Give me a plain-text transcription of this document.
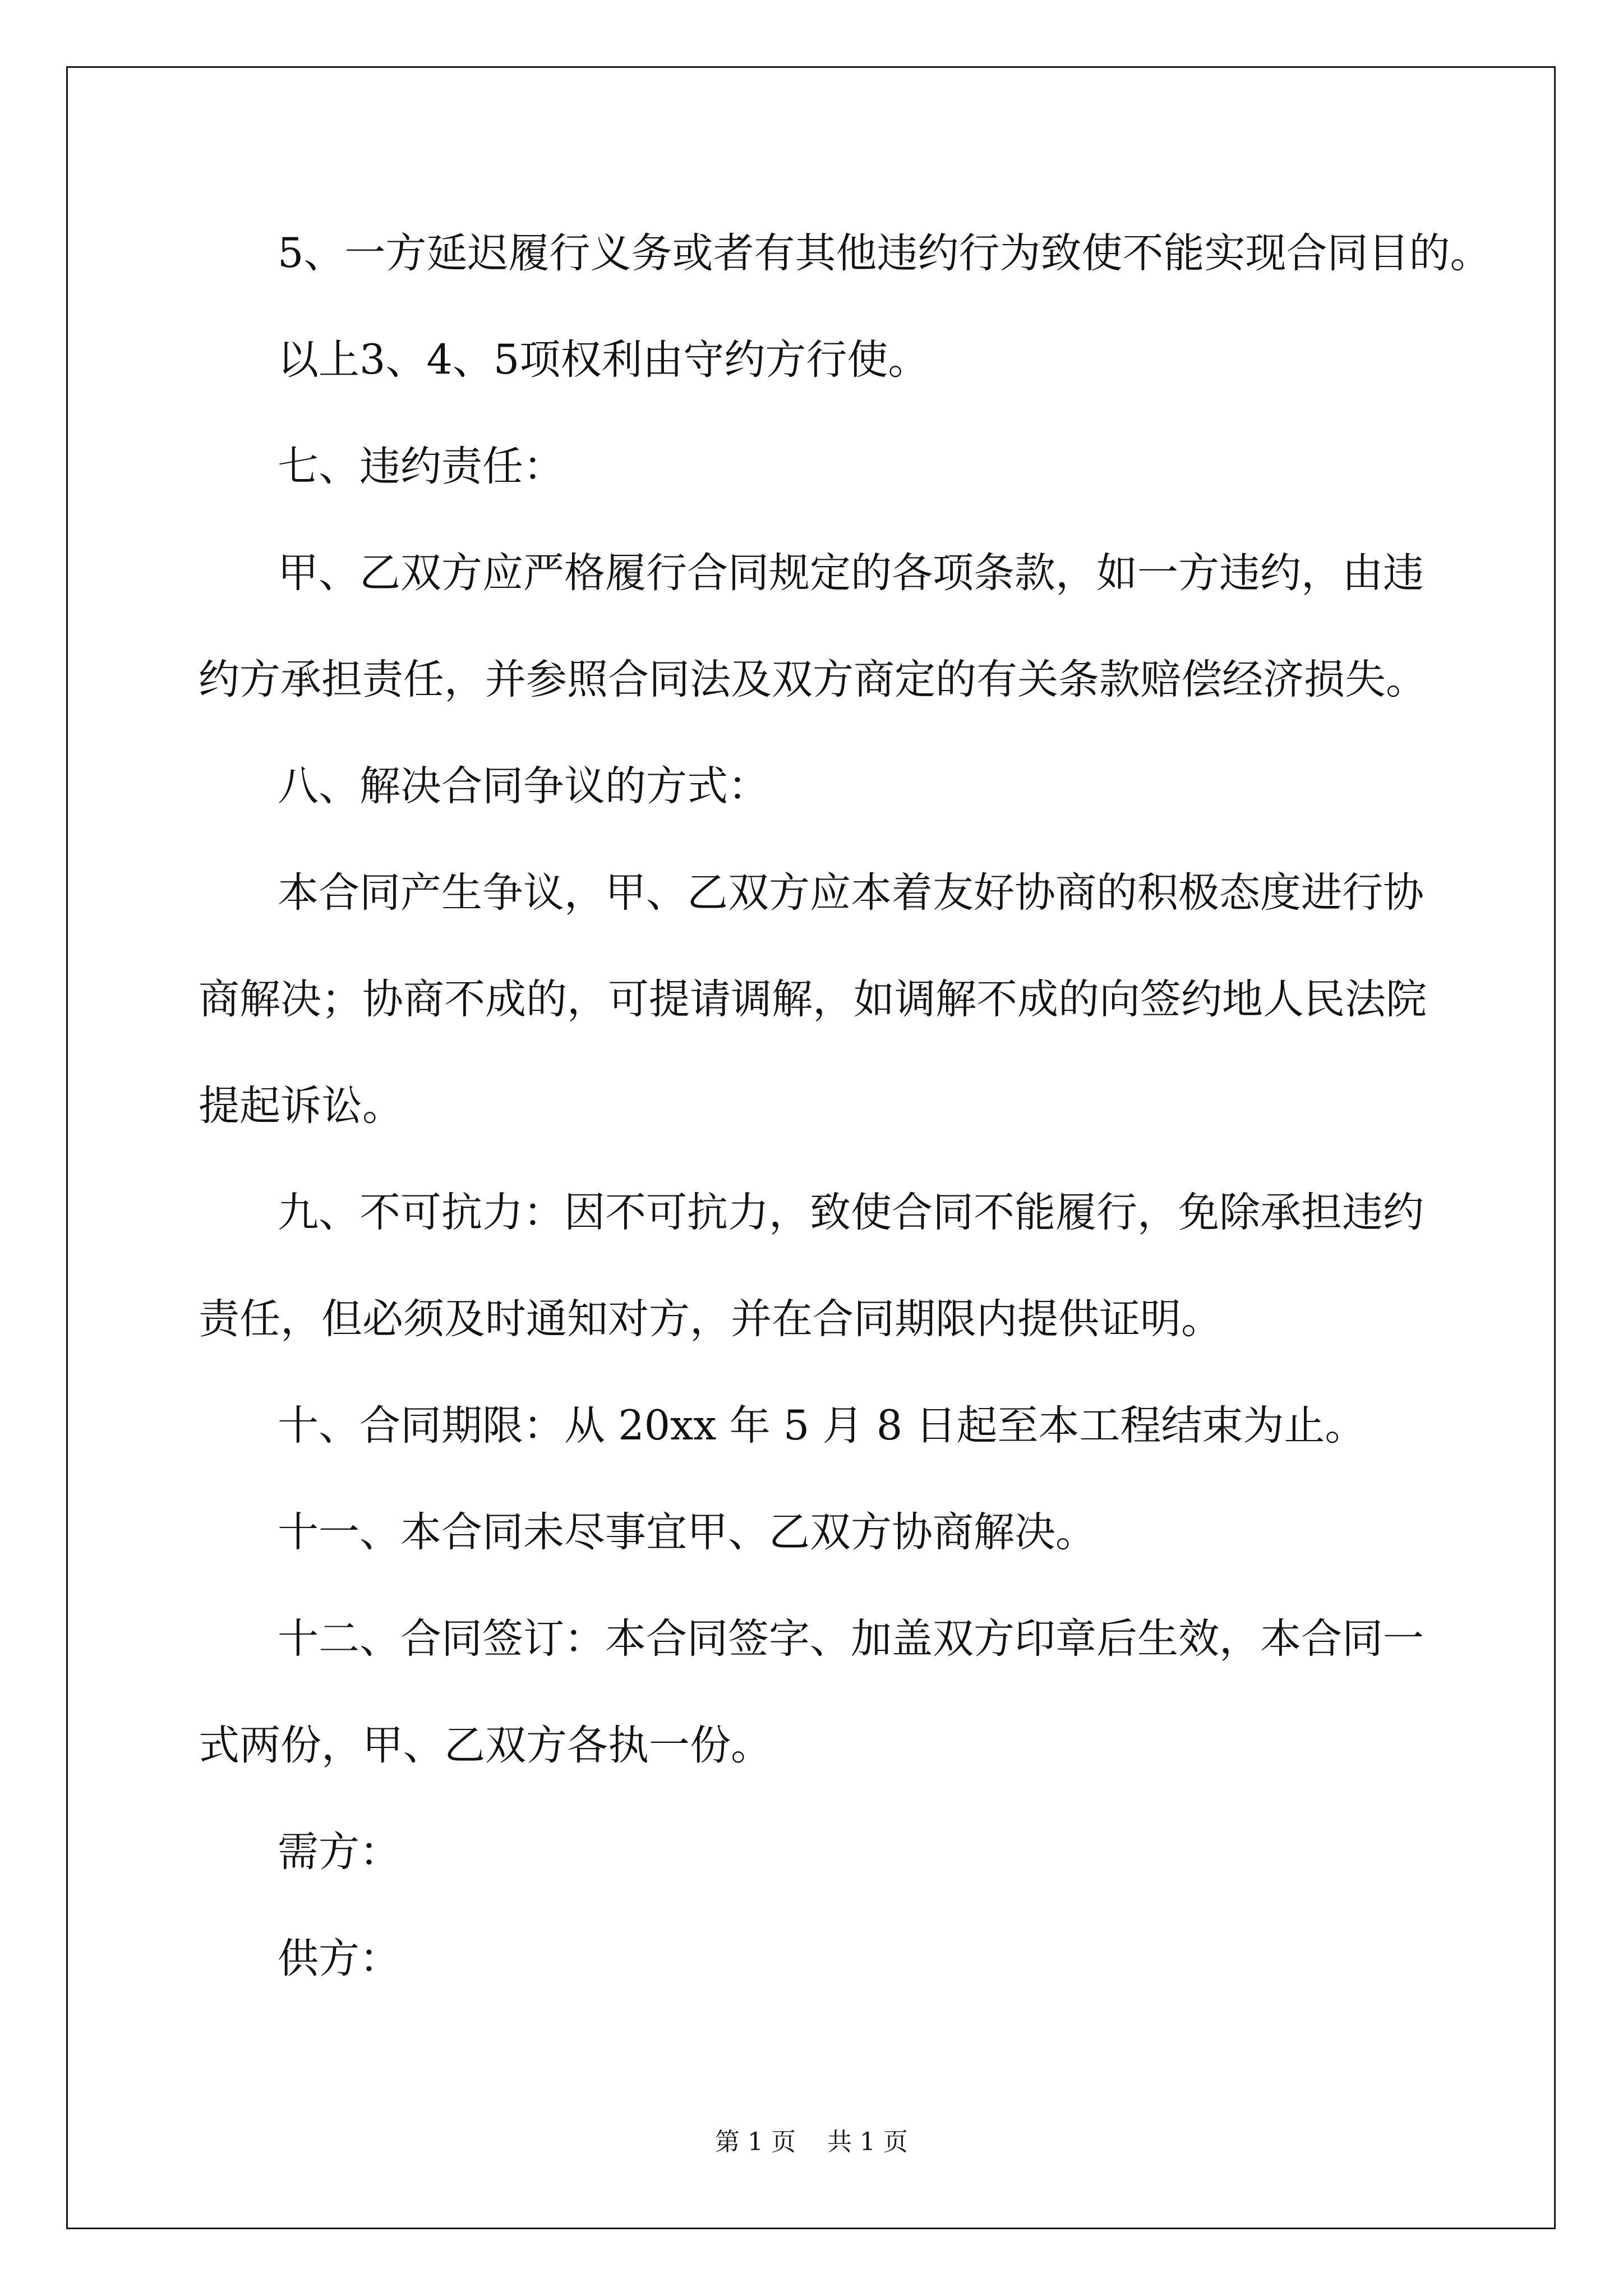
5、一方延迟履行义务或者有其他违约行为致使不能实现合同目的。

以上3、4、5项权利由守约方行使。

七、违约责任：

甲、乙双方应严格履行合同规定的各项条款，如一方违约，由违

约方承担责任，并参照合同法及双方商定的有关条款赔偿经济损失。

八、解决合同争议的方式：

本合同产生争议，甲、乙双方应本着友好协商的积极态度进行协

商解决；协商不成的，可提请调解，如调解不成的向签约地人民法院

提起诉讼。

九、不可抗力：因不可抗力，致使合同不能履行，免除承担违约

责任，但必须及时通知对方，并在合同期限内提供证明。

十、合同期限：从 20xx 年 5 月 8 日起至本工程结束为止。

十一、本合同未尽事宜甲、乙双方协商解决。

十二、合同签订：本合同签字、加盖双方印章后生效，本合同一

式两份，甲、乙双方各执一份。

需方：

供方：

第 1 页    共 1 页
